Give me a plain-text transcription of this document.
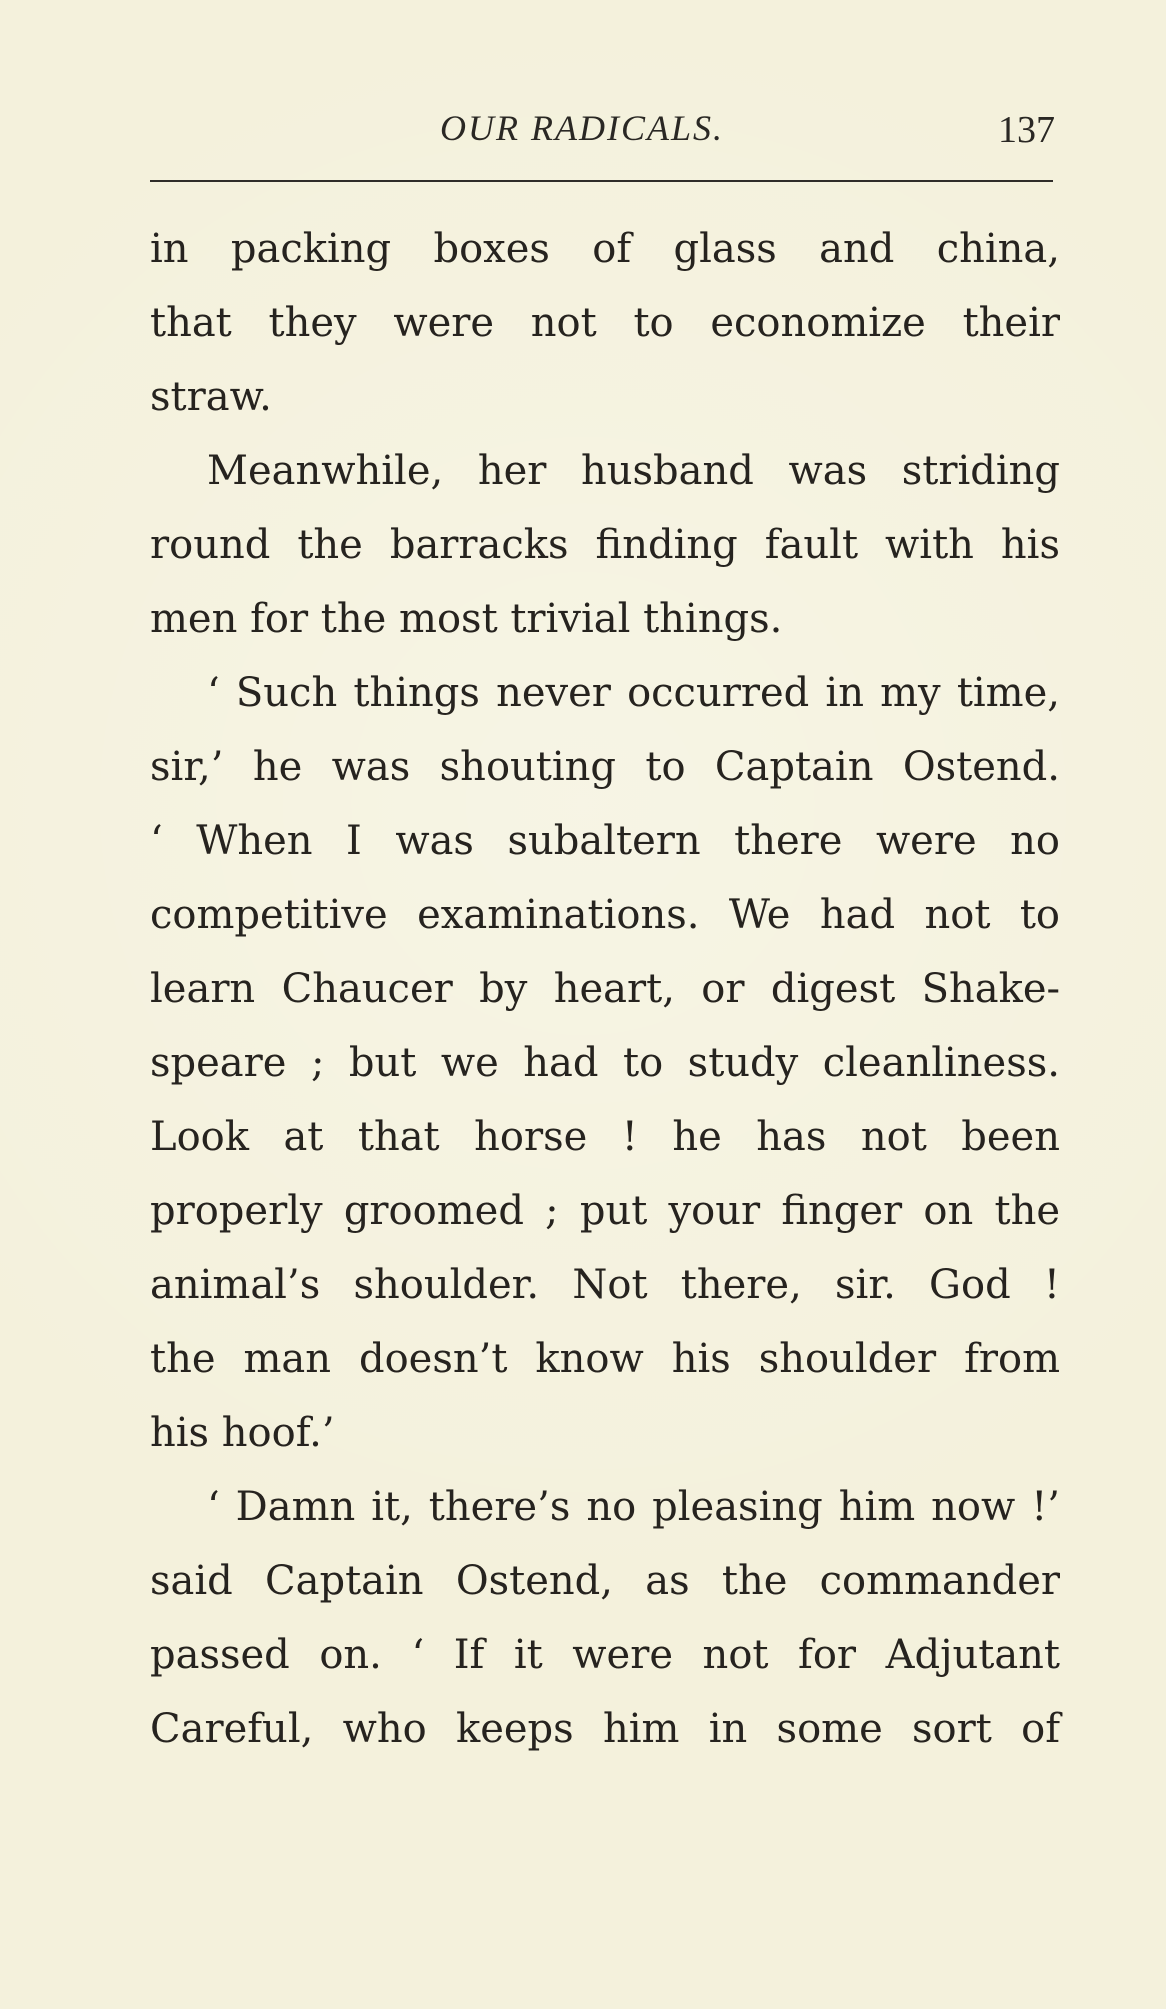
OUR RADICALS.	137
in packing boxes of glass and china,
that they were not to economize their
straw.
Meanwhile, her husband was striding
round the barracks finding fault with his
men for the most trivial things.
‘ Such things never occurred in my time,
sir,’ he was shouting to Captain Ostend.
‘ When I was subaltern there were no
competitive examinations. We had not to
learn Chaucer by heart, or digest Shake-
speare ; but we had to study cleanliness.
Look at that horse ! he has not been
properly groomed ; put your finger on the
animal’s shoulder. Not there, sir. God !
the man doesn’t know his shoulder from
his hoof.’
‘ Damn it, there’s no pleasing him now !’
said Captain Ostend, as the commander
passed on. ‘ If it were not for Adjutant
Careful, who keeps him in some sort of
